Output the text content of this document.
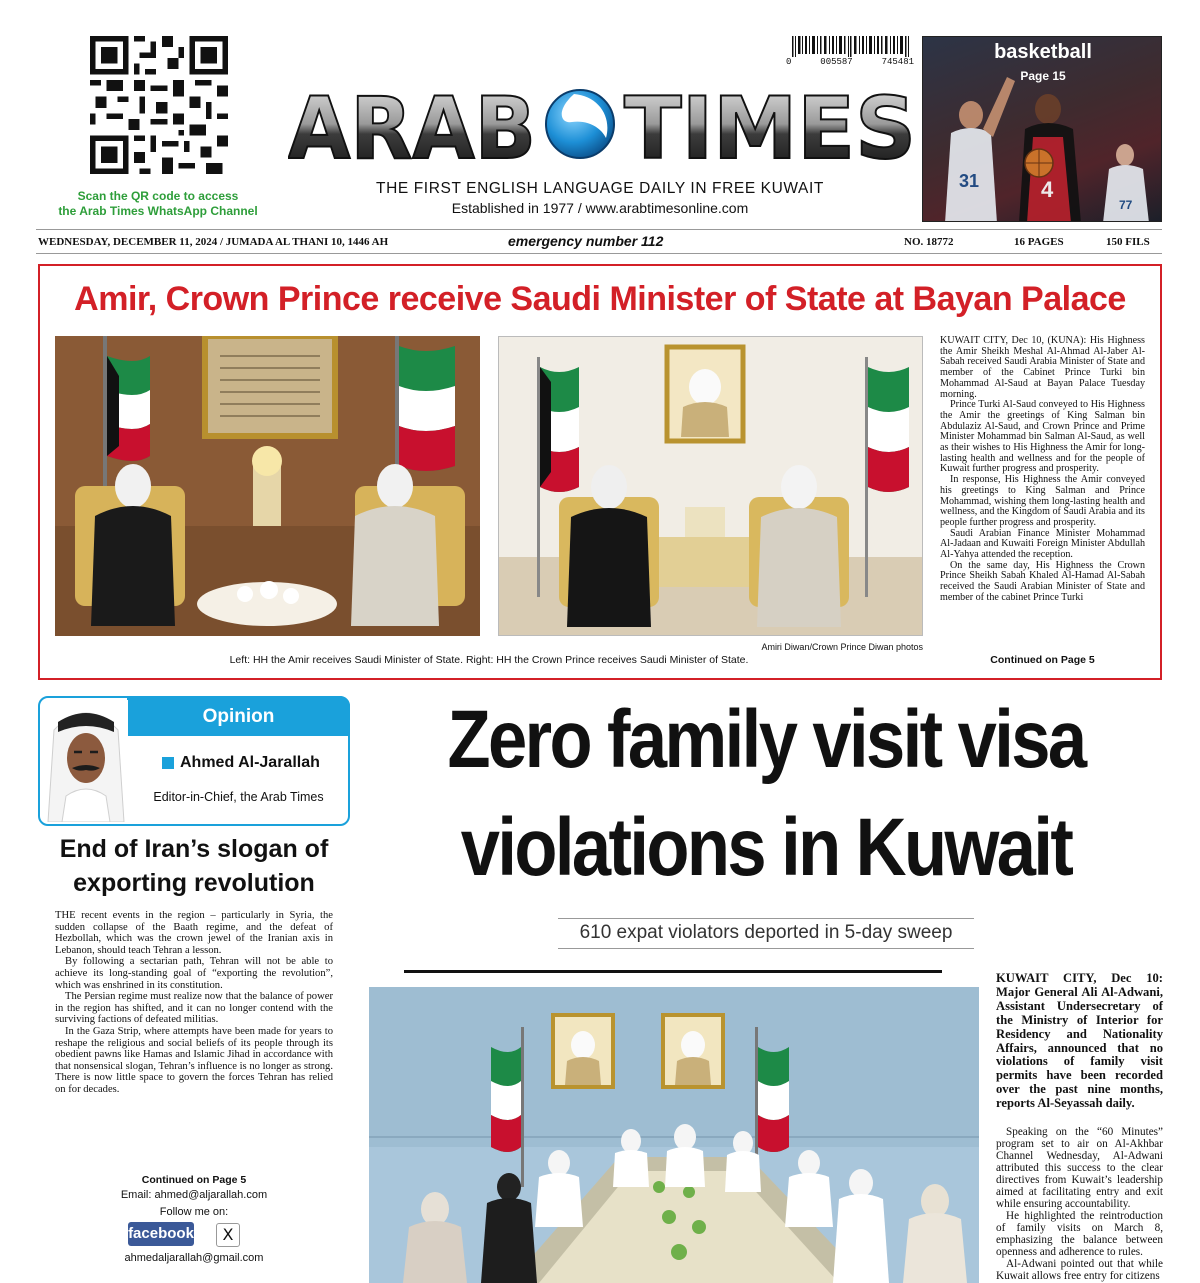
Scan the QR code to access
the Arab Times WhatsApp Channel
0	005587	745481
ARAB TIMES
THE FIRST ENGLISH LANGUAGE DAILY IN FREE KUWAIT
Established in 1977 / www.arabtimesonline.com
31	4
77
basketball
Page 15
WEDNESDAY, DECEMBER 11, 2024 / JUMADA AL THANI 10, 1446 AH	emergency number 112	NO. 18772	16 PAGES	150 FILS
Amir, Crown Prince receive Saudi Minister of State at Bayan Palace
Amiri Diwan/Crown Prince Diwan photos
Left: HH the Amir receives Saudi Minister of State. Right: HH the Crown Prince receives Saudi Minister of State.

KUWAIT CITY, Dec 10, (KUNA): His Highness the Amir Sheikh Meshal Al-Ahmad Al-Jaber Al-Sabah received Saudi Arabia Minister of State and member of the Cabinet Prince Turki bin Mohammad Al-Saud at Bayan Palace Tuesday morning.

Prince Turki Al-Saud conveyed to His Highness the Amir the greetings of King Salman bin Abdulaziz Al-Saud, and Crown Prince and Prime Minister Mohammad bin Salman Al-Saud, as well as their wishes to His Highness the Amir for long-lasting health and wellness and for the people of Kuwait further progress and prosperity.

In response, His Highness the Amir conveyed his greetings to King Salman and Prince Mohammad, wishing them long-lasting health and wellness, and the Kingdom of Saudi Arabia and its people further progress and prosperity.

Saudi Arabian Finance Minister Mohammad Al-Jadaan and Kuwaiti Foreign Minister Abdullah Al-Yahya attended the reception.

On the same day, His Highness the Crown Prince Sheikh Sabah Khaled Al-Hamad Al-Sabah received the Saudi Arabian Minister of State and member of the cabinet Prince Turki

Continued on Page 5
Opinion
Ahmed Al-Jarallah
Editor-in-Chief, the Arab Times
End of Iran’s slogan of
exporting revolution

THE recent events in the region – particularly in Syria, the sudden collapse of the Baath regime, and the defeat of Hezbollah, which was the crown jewel of the Iranian axis in Lebanon, should teach Tehran a lesson.

By following a sectarian path, Tehran will not be able to achieve its long-standing goal of “exporting the revolution”, which was enshrined in its constitution.

The Persian regime must realize now that the balance of power in the region has shifted, and it can no longer contend with the surviving factions of defeated militias.

In the Gaza Strip, where attempts have been made for years to reshape the religious and social beliefs of its people through its obedient pawns like Hamas and Islamic Jihad in accordance with that nonsensical slogan, Tehran’s influence is no longer as strong. There is now little space to govern the forces Tehran has relied on for decades.

Continued on Page 5
Email: ahmed@aljarallah.com
Follow me on:
facebook	X
ahmedaljarallah@gmail.com
Zero family visit visa
violations in Kuwait
610 expat violators deported in 5-day sweep
KUWAIT CITY, Dec 10: Major General Ali Al-Adwani, Assistant Undersecretary of the Ministry of Interior for Residency and Nationality Affairs, announced that no violations of family visit permits have been recorded over the past nine months, reports Al-Seyassah daily.

Speaking on the “60 Minutes” program set to air on Al-Akhbar Channel Wednesday, Al-Adwani attributed this success to the clear directives from Kuwait’s leadership aimed at facilitating entry and exit while ensuring accountability.

He highlighted the reintroduction of family visits on March 8, emphasizing the balance between openness and adherence to rules.

Al-Adwani pointed out that while Kuwait allows free entry for citizens
